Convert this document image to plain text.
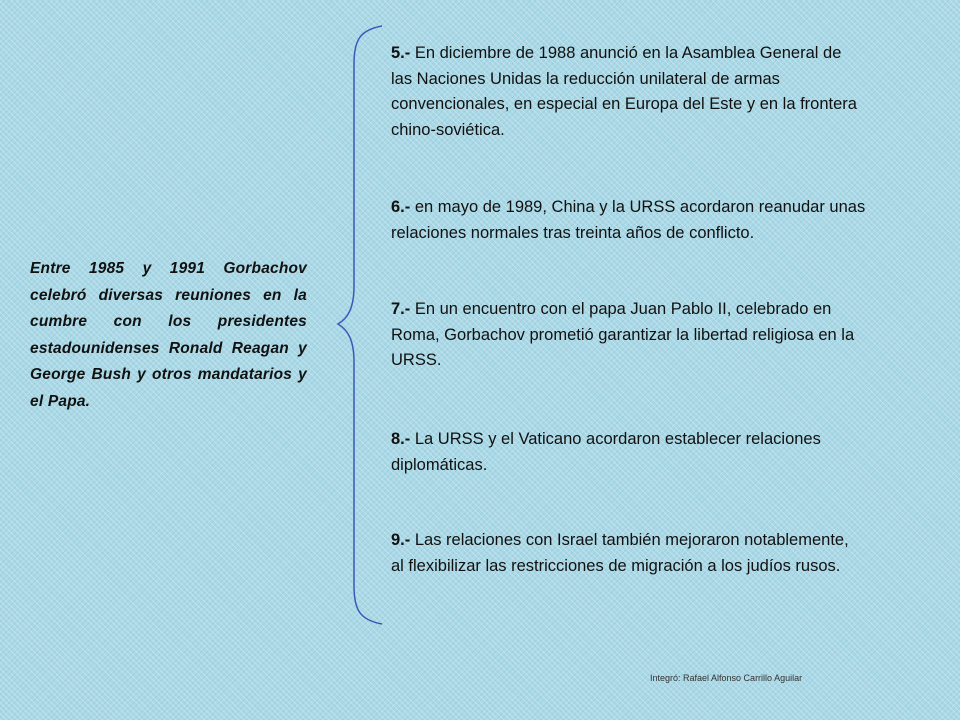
Entre 1985 y 1991 Gorbachov celebró diversas reuniones en la cumbre con los presidentes estadounidenses Ronald Reagan y George Bush y otros mandatarios y el Papa.
5.- En diciembre de 1988 anunció en la Asamblea General de las Naciones Unidas la reducción unilateral de armas convencionales, en especial en Europa del Este y en la frontera chino-soviética.
6.- en mayo de 1989, China y la URSS acordaron reanudar unas relaciones normales tras treinta años de conflicto.
7.- En un encuentro con el papa Juan Pablo II, celebrado en Roma, Gorbachov prometió garantizar la libertad religiosa en la URSS.
8.- La URSS y el Vaticano acordaron establecer relaciones diplomáticas.
9.- Las relaciones con Israel también mejoraron notablemente, al flexibilizar las restricciones de migración a los judíos rusos.
Integró: Rafael Alfonso Carrillo Aguilar
